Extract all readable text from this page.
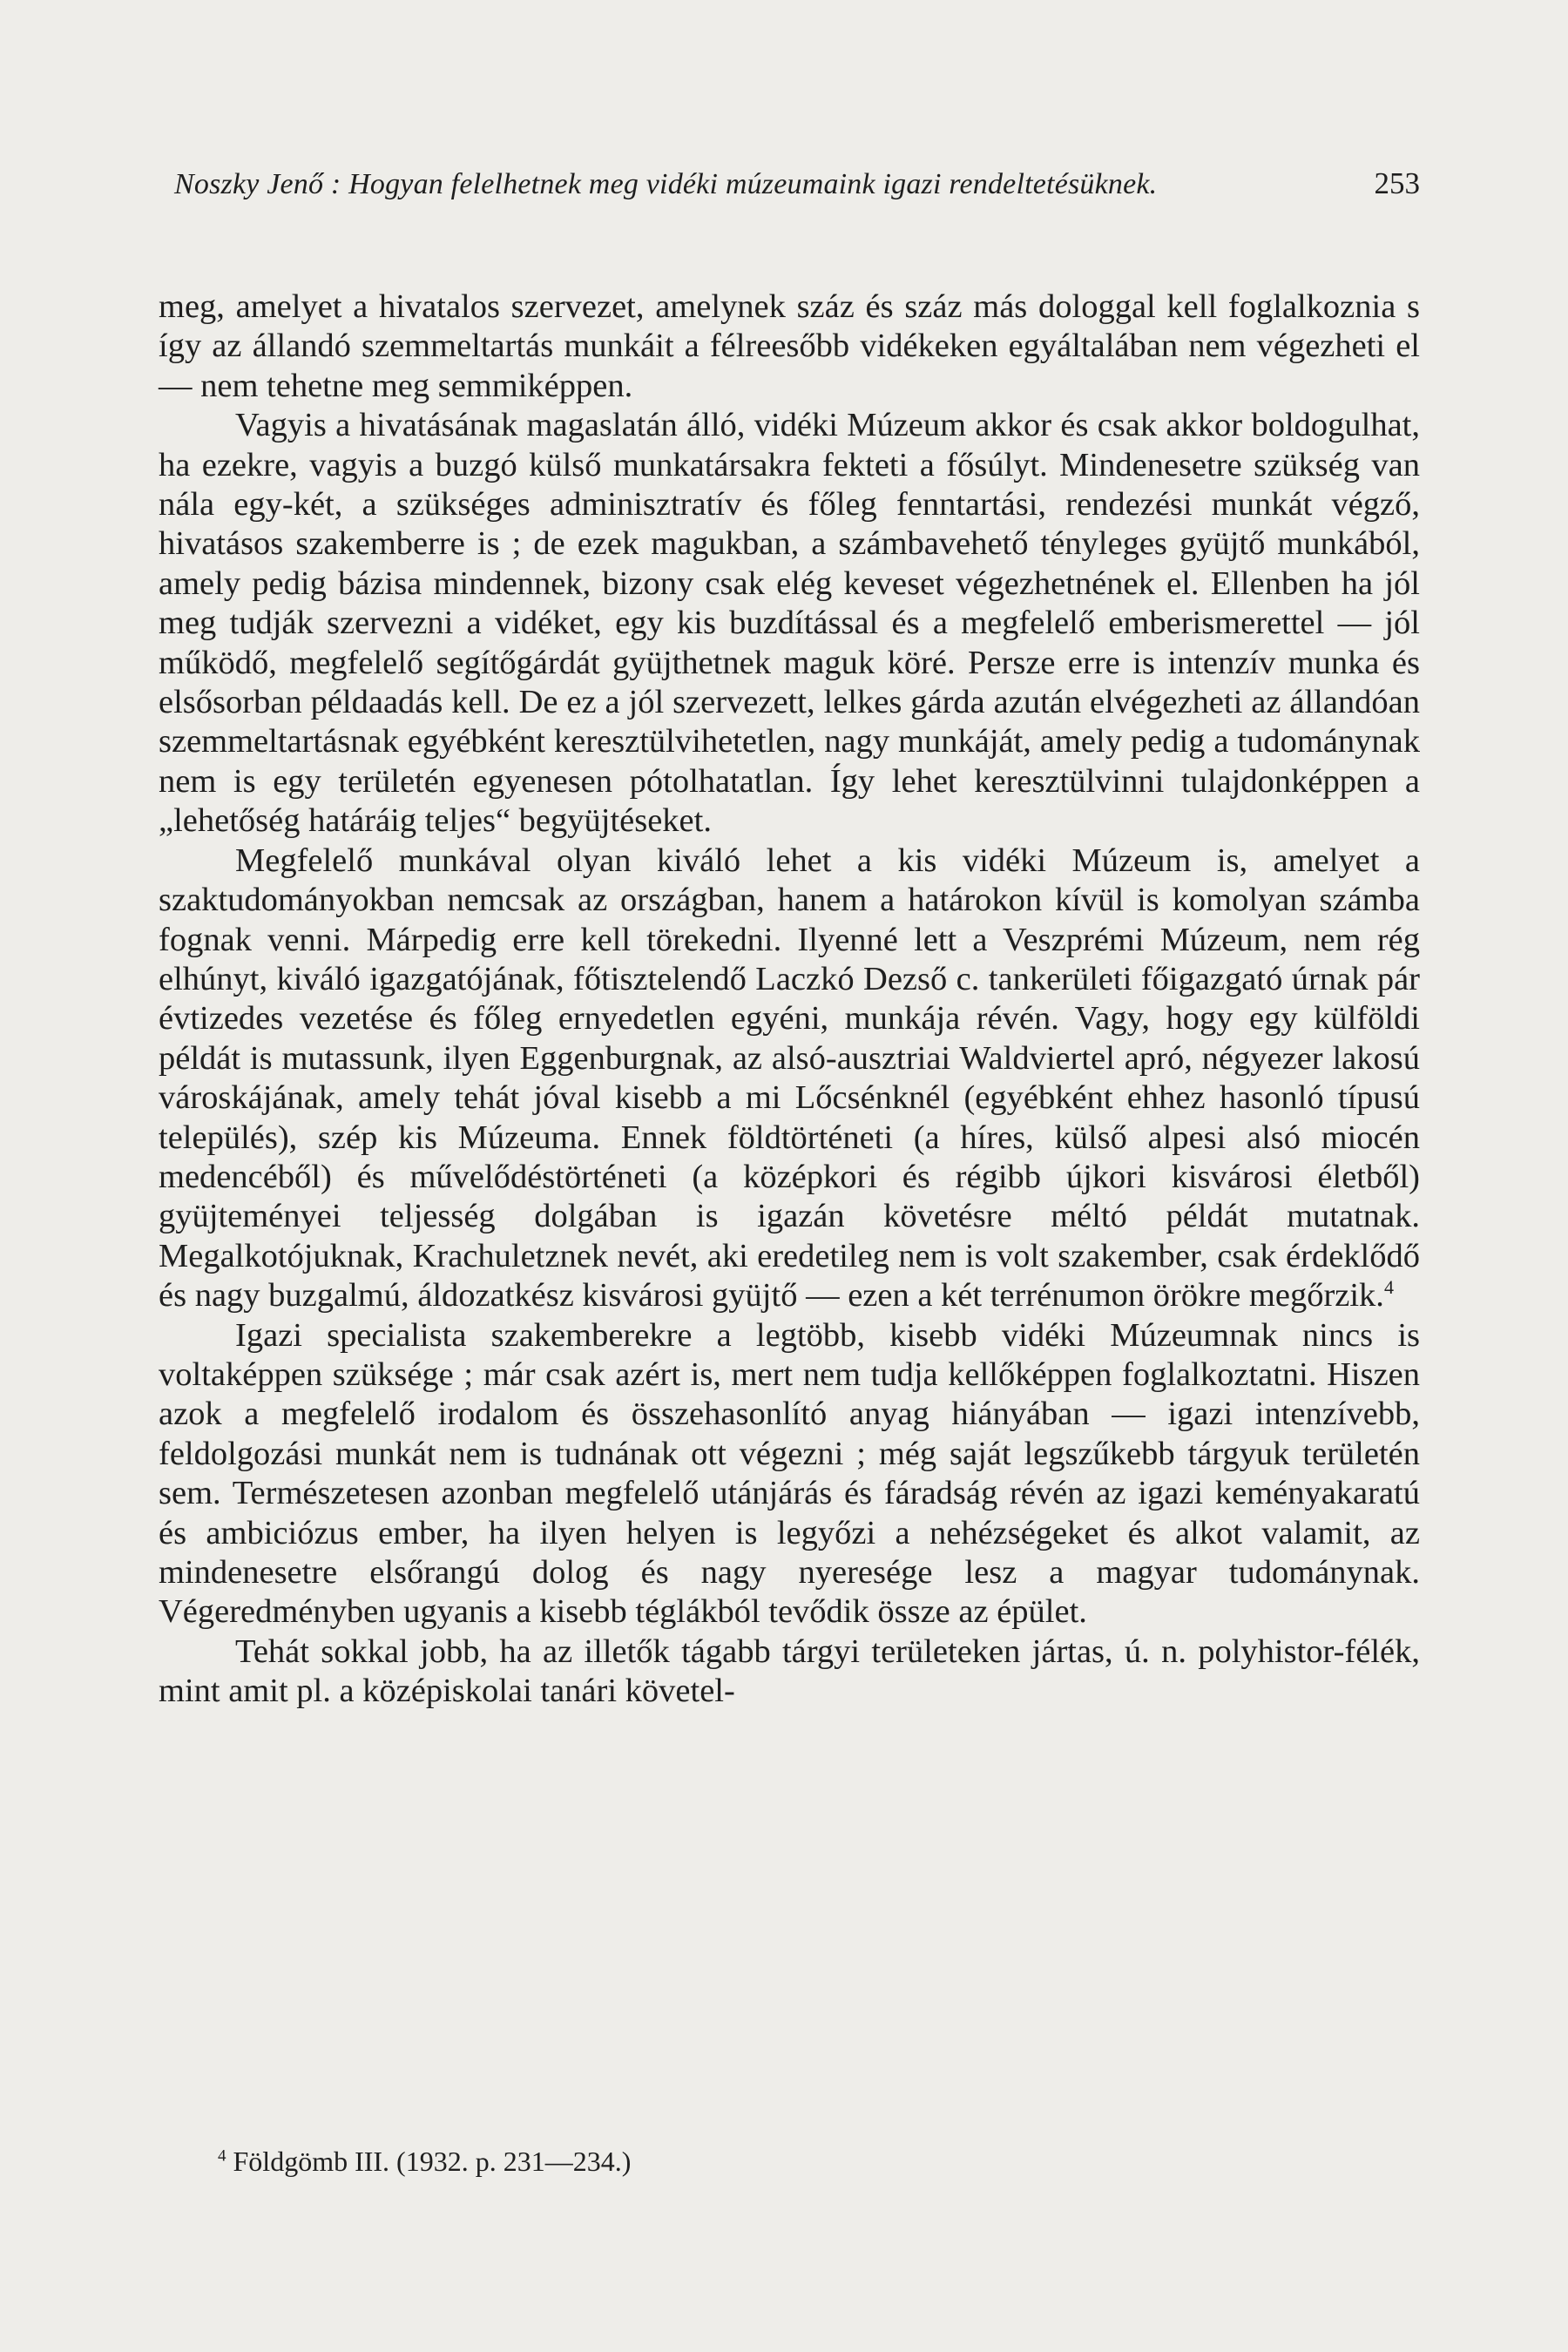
Noszky Jenő : Hogyan felelhetnek meg vidéki múzeumaink igazi rendeltetésüknek.	253

meg, amelyet a hivatalos szervezet, amelynek száz és száz más dologgal kell foglalkoznia s így az állandó szemmeltartás munkáit a félreesőbb vidékeken egyáltalában nem végezheti el — nem tehetne meg semmiképpen.

Vagyis a hivatásának magaslatán álló, vidéki Múzeum akkor és csak akkor boldogulhat, ha ezekre, vagyis a buzgó külső munkatársakra fekteti a fősúlyt. Mindenesetre szükség van nála egy-két, a szükséges adminisztratív és főleg fenntartási, rendezési munkát végző, hivatásos szakemberre is ; de ezek magukban, a számbavehető tényleges gyüjtő munkából, amely pedig bázisa mindennek, bizony csak elég keveset végezhetnének el. Ellenben ha jól meg tudják szervezni a vidéket, egy kis buzdítással és a megfelelő emberismerettel — jól működő, megfelelő segítőgárdát gyüjthetnek maguk köré. Persze erre is intenzív munka és elsősorban példaadás kell. De ez a jól szervezett, lelkes gárda azután elvégezheti az állandóan szemmeltartásnak egyébként keresztülvihetetlen, nagy munkáját, amely pedig a tudománynak nem is egy területén egyenesen pótolhatatlan. Így lehet keresztülvinni tulajdonképpen a „lehetőség határáig teljes“ begyüjtéseket.

Megfelelő munkával olyan kiváló lehet a kis vidéki Múzeum is, amelyet a szaktudományokban nemcsak az országban, hanem a határokon kívül is komolyan számba fognak venni. Márpedig erre kell törekedni. Ilyenné lett a Veszprémi Múzeum, nem rég elhúnyt, kiváló igazgatójának, főtisztelendő Laczkó Dezső c. tankerületi főigazgató úrnak pár évtizedes vezetése és főleg ernyedetlen egyéni, munkája révén. Vagy, hogy egy külföldi példát is mutassunk, ilyen Eggenburgnak, az alsó-ausztriai Waldviertel apró, négyezer lakosú városkájának, amely tehát jóval kisebb a mi Lőcsénknél (egyébként ehhez hasonló típusú település), szép kis Múzeuma. Ennek földtörténeti (a híres, külső alpesi alsó miocén medencéből) és művelődéstörténeti (a középkori és régibb újkori kisvárosi életből) gyüjteményei teljesség dolgában is igazán követésre méltó példát mutatnak. Megalkotójuknak, Krachuletznek nevét, aki eredetileg nem is volt szakember, csak érdeklődő és nagy buzgalmú, áldozatkész kisvárosi gyüjtő — ezen a két terrénumon örökre megőrzik.$^4$

Igazi specialista szakemberekre a legtöbb, kisebb vidéki Múzeumnak nincs is voltaképpen szüksége ; már csak azért is, mert nem tudja kellőképpen foglalkoztatni. Hiszen azok a megfelelő irodalom és összehasonlító anyag hiányában — igazi intenzívebb, feldolgozási munkát nem is tudnának ott végezni ; még saját legszűkebb tárgyuk területén sem. Természetesen azonban megfelelő utánjárás és fáradság révén az igazi keményakaratú és ambiciózus ember, ha ilyen helyen is legyőzi a nehézségeket és alkot valamit, az mindenesetre elsőrangú dolog és nagy nyeresége lesz a magyar tudománynak. Végeredményben ugyanis a kisebb téglákból tevődik össze az épület.

Tehát sokkal jobb, ha az illetők tágabb tárgyi területeken jártas, ú. n. polyhistor-félék, mint amit pl. a középiskolai tanári követel-

$^4$ Földgömb III. (1932. p. 231—234.)
